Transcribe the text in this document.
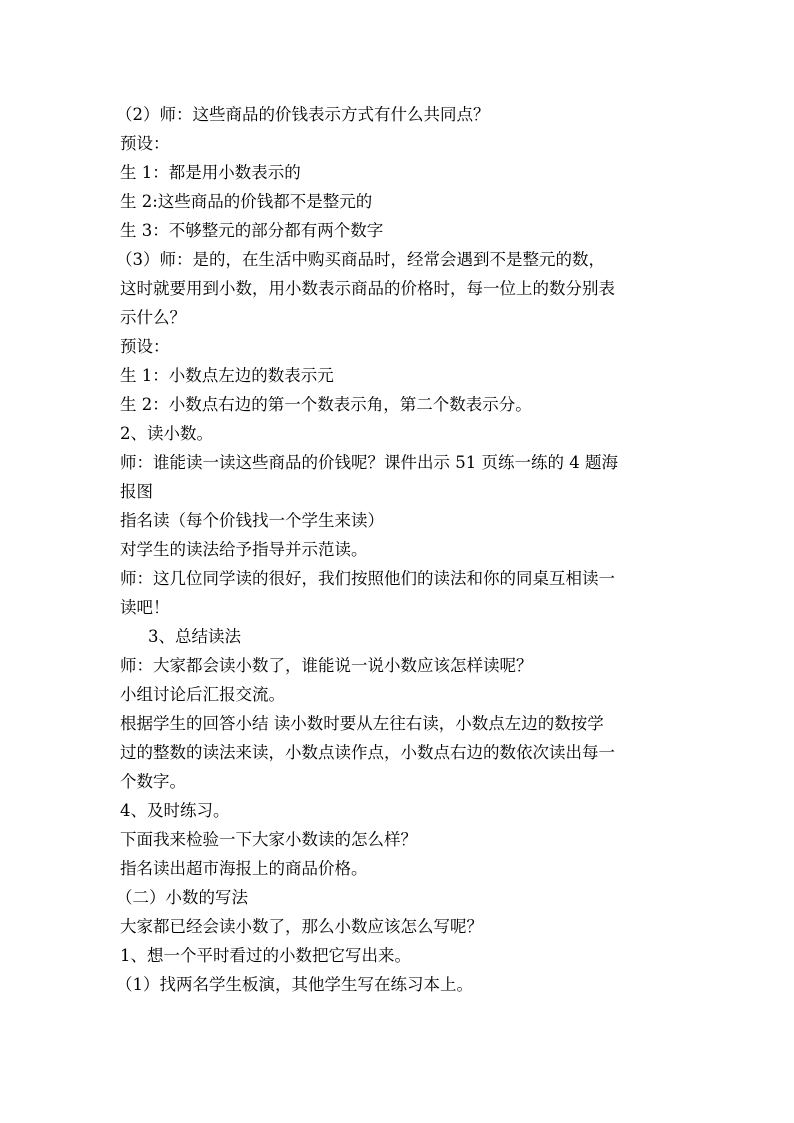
（2）师：这些商品的价钱表示方式有什么共同点？
预设：
生 1：都是用小数表示的
生 2:这些商品的价钱都不是整元的
生 3：不够整元的部分都有两个数字
（3）师：是的，在生活中购买商品时，经常会遇到不是整元的数，
这时就要用到小数，用小数表示商品的价格时，每一位上的数分别表
示什么？
预设：
生 1：小数点左边的数表示元
生 2：小数点右边的第一个数表示角，第二个数表示分。
2、读小数。
师：谁能读一读这些商品的价钱呢？课件出示 51 页练一练的 4 题海
报图
指名读（每个价钱找一个学生来读）
对学生的读法给予指导并示范读。
师：这几位同学读的很好，我们按照他们的读法和你的同桌互相读一
读吧！
3、总结读法
师：大家都会读小数了，谁能说一说小数应该怎样读呢？
小组讨论后汇报交流。
根据学生的回答小结 读小数时要从左往右读，小数点左边的数按学
过的整数的读法来读，小数点读作点，小数点右边的数依次读出每一
个数字。
4、及时练习。
下面我来检验一下大家小数读的怎么样？
指名读出超市海报上的商品价格。
（二）小数的写法
大家都已经会读小数了，那么小数应该怎么写呢？
1、想一个平时看过的小数把它写出来。
（1）找两名学生板演，其他学生写在练习本上。
